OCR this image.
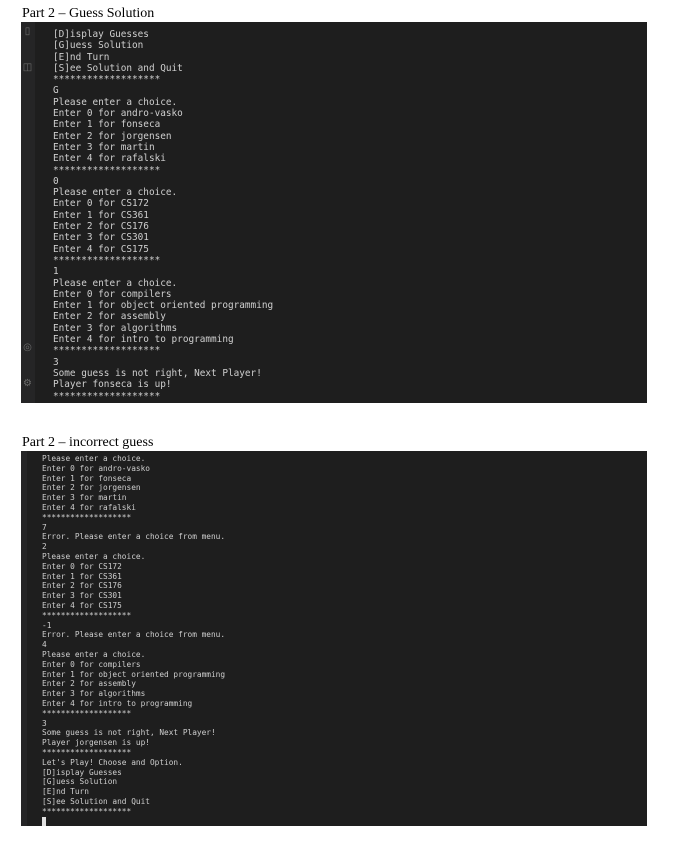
Part 2 – Guess Solution
▯
◫
◎
⚙
[D]isplay Guesses
[G]uess Solution
[E]nd Turn
[S]ee Solution and Quit
*******************
G
Please enter a choice.
Enter 0 for andro-vasko
Enter 1 for fonseca
Enter 2 for jorgensen
Enter 3 for martin
Enter 4 for rafalski
*******************
0
Please enter a choice.
Enter 0 for CS172
Enter 1 for CS361
Enter 2 for CS176
Enter 3 for CS301
Enter 4 for CS175
*******************
1
Please enter a choice.
Enter 0 for compilers
Enter 1 for object oriented programming
Enter 2 for assembly
Enter 3 for algorithms
Enter 4 for intro to programming
*******************
3
Some guess is not right, Next Player!
Player fonseca is up!
*******************
Part 2 – incorrect guess
Please enter a choice.
Enter 0 for andro-vasko
Enter 1 for fonseca
Enter 2 for jorgensen
Enter 3 for martin
Enter 4 for rafalski
*******************
7
Error. Please enter a choice from menu.
2
Please enter a choice.
Enter 0 for CS172
Enter 1 for CS361
Enter 2 for CS176
Enter 3 for CS301
Enter 4 for CS175
*******************
-1
Error. Please enter a choice from menu.
4
Please enter a choice.
Enter 0 for compilers
Enter 1 for object oriented programming
Enter 2 for assembly
Enter 3 for algorithms
Enter 4 for intro to programming
*******************
3
Some guess is not right, Next Player!
Player jorgensen is up!
*******************
Let's Play! Choose and Option.
[D]isplay Guesses
[G]uess Solution
[E]nd Turn
[S]ee Solution and Quit
*******************
